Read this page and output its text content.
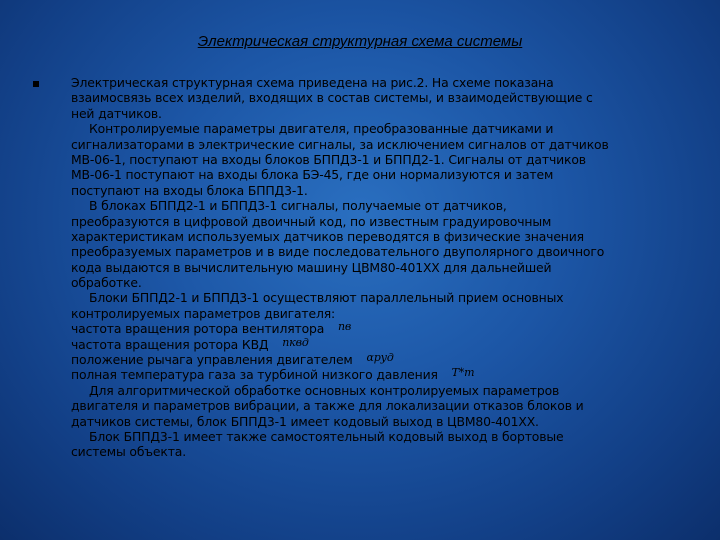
Электрическая структурная схема системы
Электрическая структурная схема приведена на рис.2. На схеме показана
взаимосвязь всех изделий, входящих в состав системы, и взаимодействующие с
ней датчиков.
Контролируемые параметры двигателя, преобразованные датчиками и
сигнализаторами в электрические сигналы, за исключением сигналов от датчиков
МВ-06-1, поступают на входы блоков БППД3-1 и БППД2-1. Сигналы от датчиков
МВ-06-1 поступают на входы блока БЭ-45, где они нормализуются и затем
поступают на входы блока БППД3-1.
В блоках БППД2-1 и БППД3-1 сигналы, получаемые от датчиков,
преобразуются в цифровой двоичный код, по известным градуировочным
характеристикам используемых датчиков переводятся в физические значения
преобразуемых параметров и в виде последовательного двуполярного двоичного
кода выдаются в вычислительную машину ЦВМ80-401ХХ для дальнейшей
обработке.
Блоки БППД2-1 и БППД3-1 осуществляют параллельный прием основных
контролируемых параметров двигателя:
частота вращения ротора вентилятора nв
частота вращения ротора КВД nквд
положение рычага управления двигателем αруд
полная температура газа за турбиной низкого давления T*т
Для алгоритмической обработке основных контролируемых параметров
двигателя и параметров вибрации, а также для локализации отказов блоков и
датчиков системы, блок БППД3-1 имеет кодовый выход в ЦВМ80-401ХХ.
Блок БППД3-1 имеет также самостоятельный кодовый выход в бортовые
системы объекта.
